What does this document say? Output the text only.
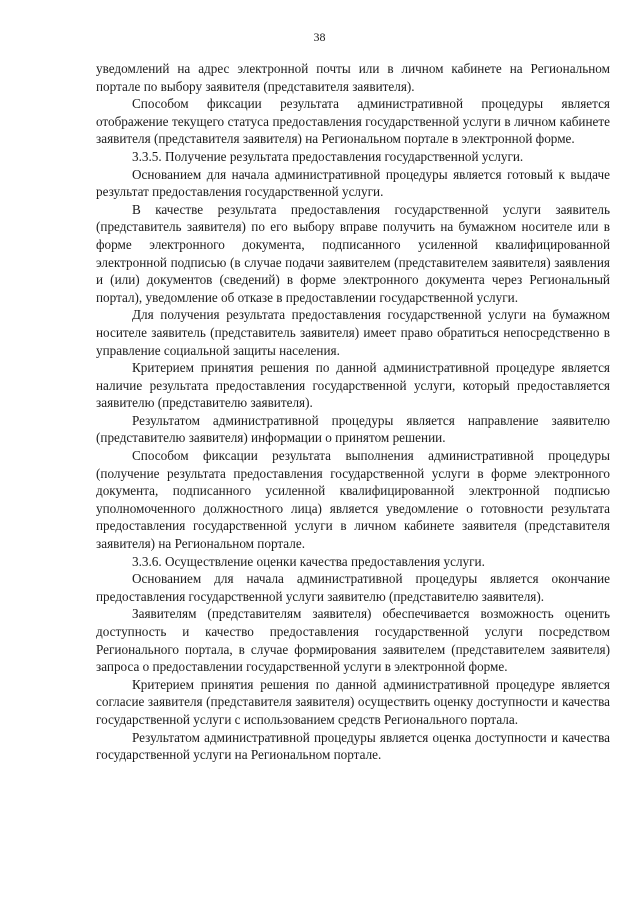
38

уведомлений на адрес электронной почты или в личном кабинете на Региональном портале по выбору заявителя (представителя заявителя).

Способом фиксации результата административной процедуры является отображение текущего статуса предоставления государственной услуги в личном кабинете заявителя (представителя заявителя) на Региональном портале в электронной форме.

3.3.5. Получение результата предоставления государственной услуги.

Основанием для начала административной процедуры является готовый к выдаче результат предоставления государственной услуги.

В качестве результата предоставления государственной услуги заявитель (представитель заявителя) по его выбору вправе получить на бумажном носителе или в форме электронного документа, подписанного усиленной квалифицированной электронной подписью (в случае подачи заявителем (представителем заявителя) заявления и (или) документов (сведений) в форме электронного документа через Региональный портал), уведомление об отказе в предоставлении государственной услуги.

Для получения результата предоставления государственной услуги на бумажном носителе заявитель (представитель заявителя) имеет право обратиться непосредственно в управление социальной защиты населения.

Критерием принятия решения по данной административной процедуре является наличие результата предоставления государственной услуги, который предоставляется заявителю (представителю заявителя).

Результатом административной процедуры является направление заявителю (представителю заявителя) информации о принятом решении.

Способом фиксации результата выполнения административной процедуры (получение результата предоставления государственной услуги в форме электронного документа, подписанного усиленной квалифицированной электронной подписью уполномоченного должностного лица) является уведомление о готовности результата предоставления государственной услуги в личном кабинете заявителя (представителя заявителя) на Региональном портале.

3.3.6. Осуществление оценки качества предоставления услуги.

Основанием для начала административной процедуры является окончание предоставления государственной услуги заявителю (представителю заявителя).

Заявителям (представителям заявителя) обеспечивается возможность оценить доступность и качество предоставления государственной услуги посредством Регионального портала, в случае формирования заявителем (представителем заявителя) запроса о предоставлении государственной услуги в электронной форме.

Критерием принятия решения по данной административной процедуре является согласие заявителя (представителя заявителя) осуществить оценку доступности и качества государственной услуги с использованием средств Регионального портала.

Результатом административной процедуры является оценка доступности и качества государственной услуги на Региональном портале.
